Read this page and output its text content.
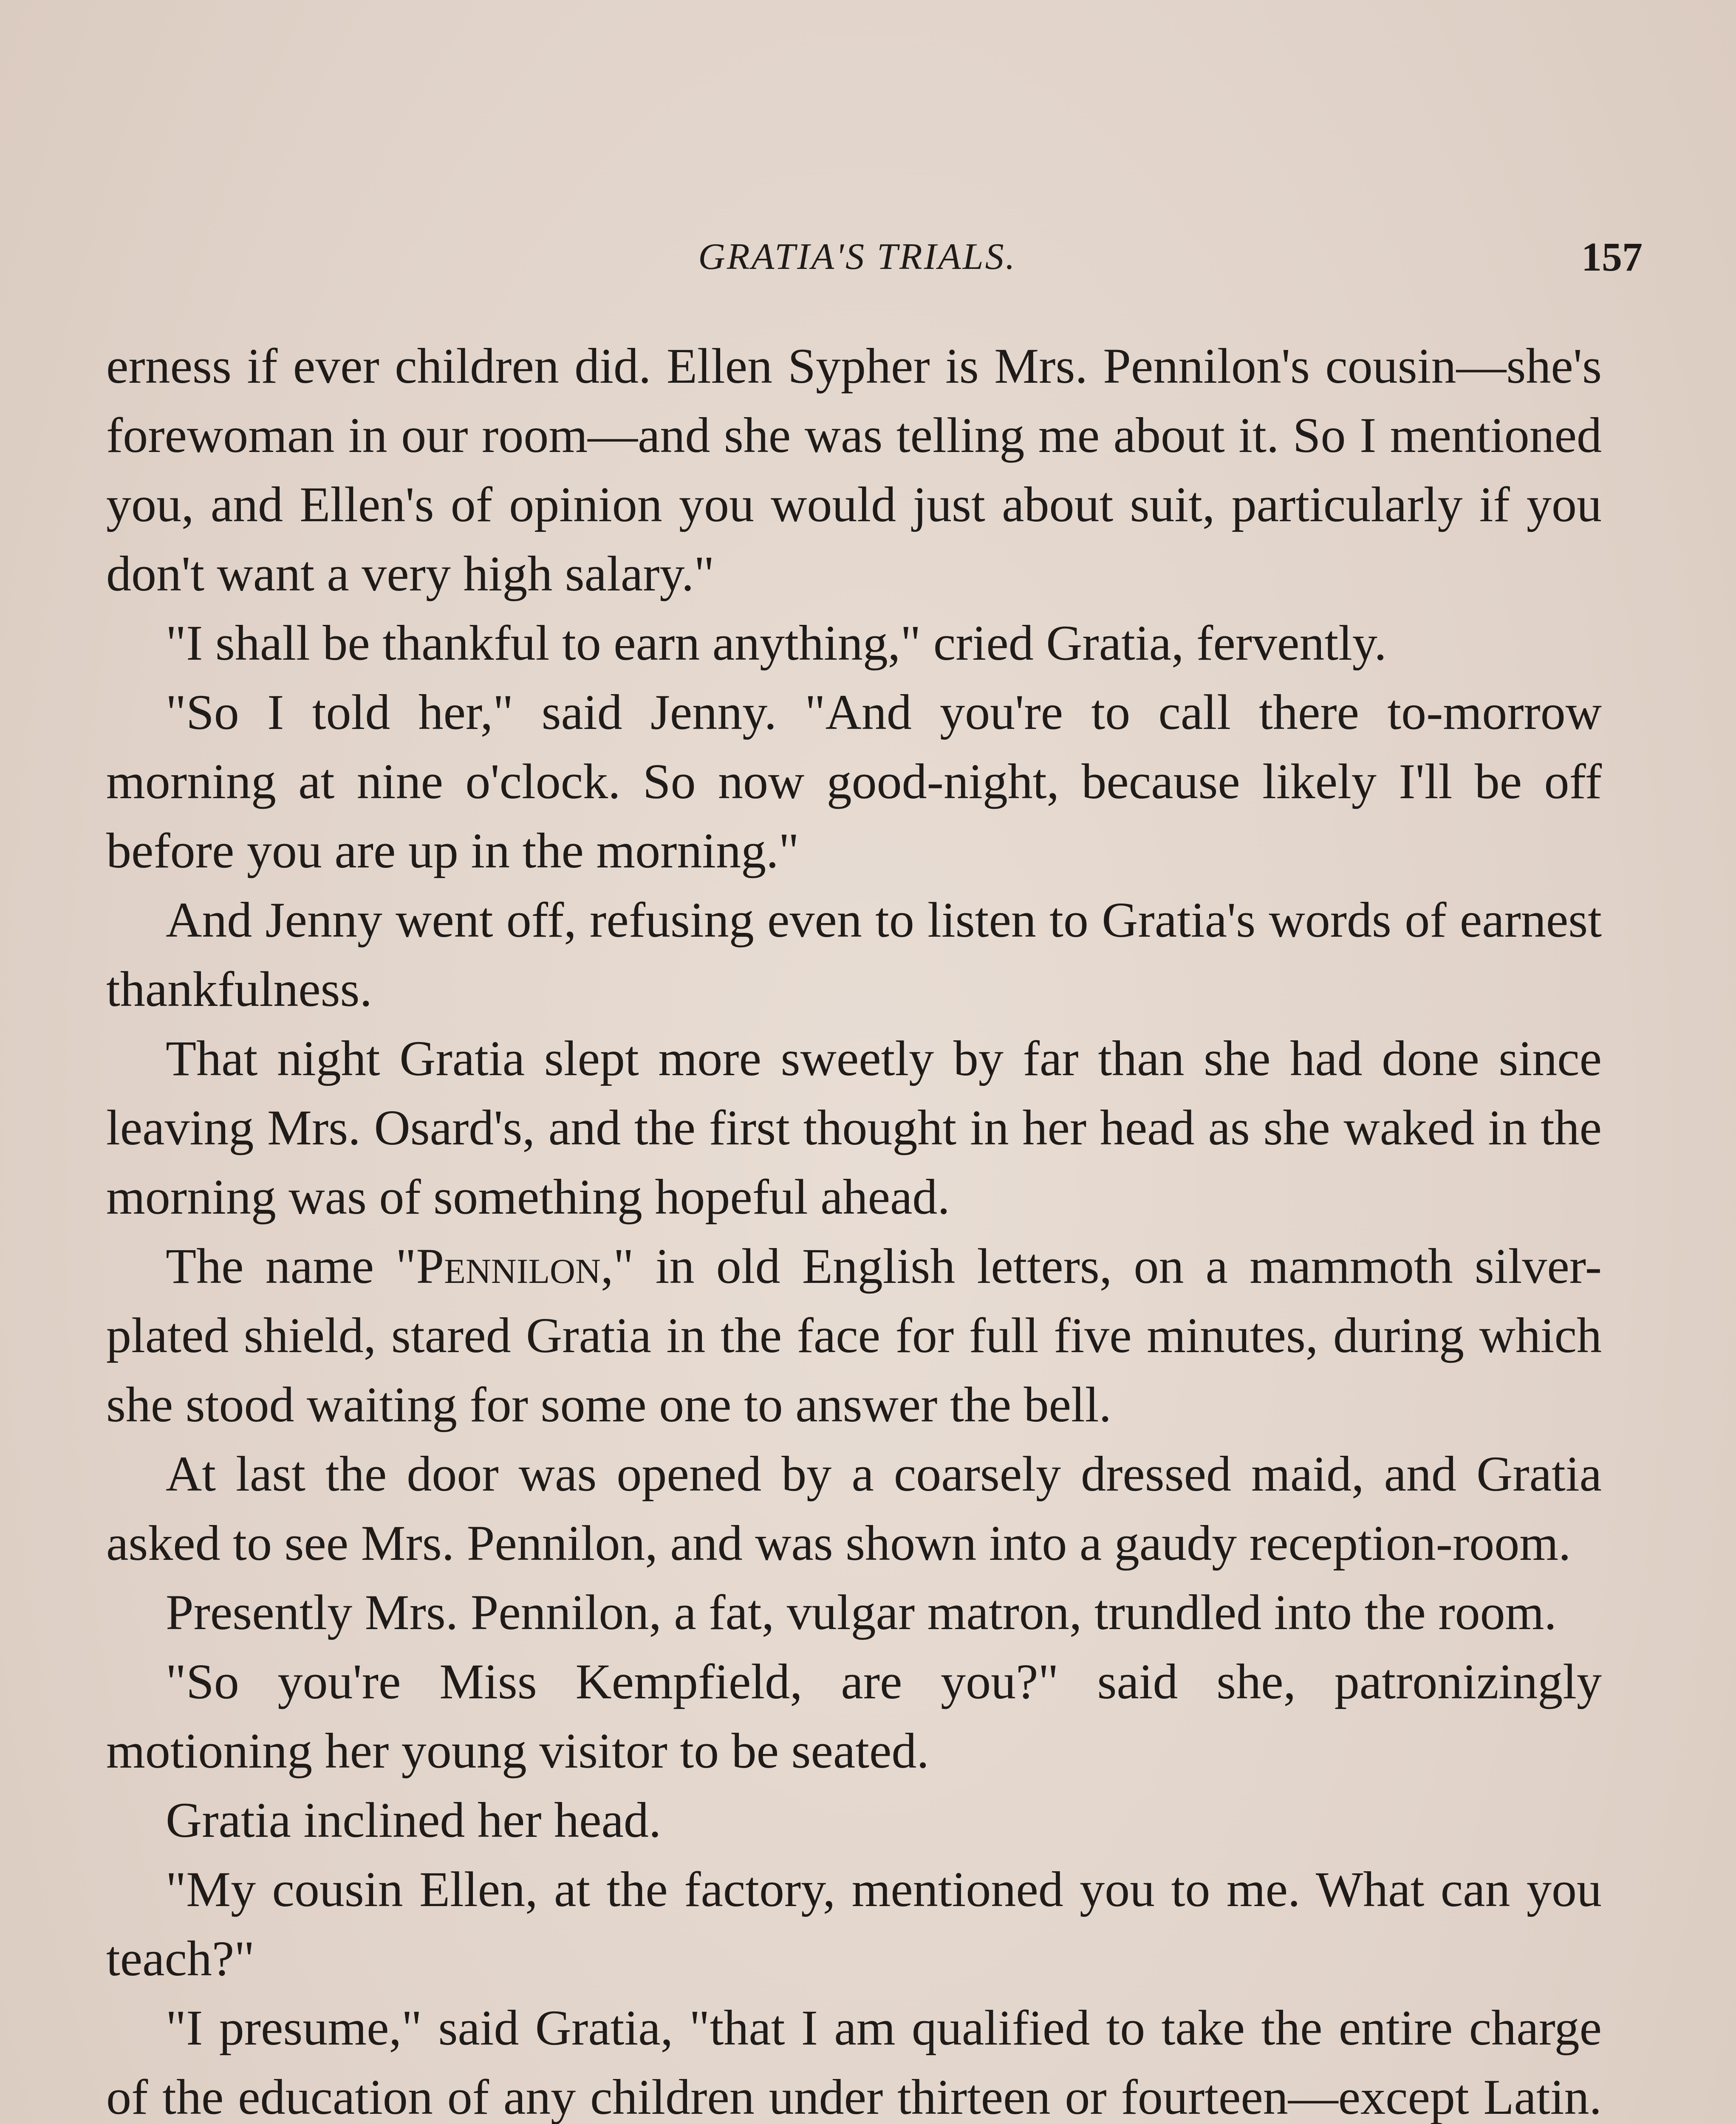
GRATIA'S TRIALS.	157

erness if ever children did. Ellen Sypher is Mrs. Pennilon's cousin—she's forewoman in our room—and she was telling me about it. So I mentioned you, and Ellen's of opinion you would just about suit, particularly if you don't want a very high salary."

"I shall be thankful to earn anything," cried Gratia, fervently.

"So I told her," said Jenny. "And you're to call there to-morrow morning at nine o'clock. So now good-night, because likely I'll be off before you are up in the morning."

And Jenny went off, refusing even to listen to Gratia's words of earnest thankfulness.

That night Gratia slept more sweetly by far than she had done since leaving Mrs. Osard's, and the first thought in her head as she waked in the morning was of something hopeful ahead.

The name "Pennilon," in old English letters, on a mammoth silver-plated shield, stared Gratia in the face for full five minutes, during which she stood waiting for some one to answer the bell.

At last the door was opened by a coarsely dressed maid, and Gratia asked to see Mrs. Pennilon, and was shown into a gaudy reception-room.

Presently Mrs. Pennilon, a fat, vulgar matron, trundled into the room.

"So you're Miss Kempfield, are you?" said she, patronizingly motioning her young visitor to be seated.

Gratia inclined her head.

"My cousin Ellen, at the factory, mentioned you to me. What can you teach?"

"I presume," said Gratia, "that I am qualified to take the entire charge of the education of any children under thirteen or fourteen—except Latin.
